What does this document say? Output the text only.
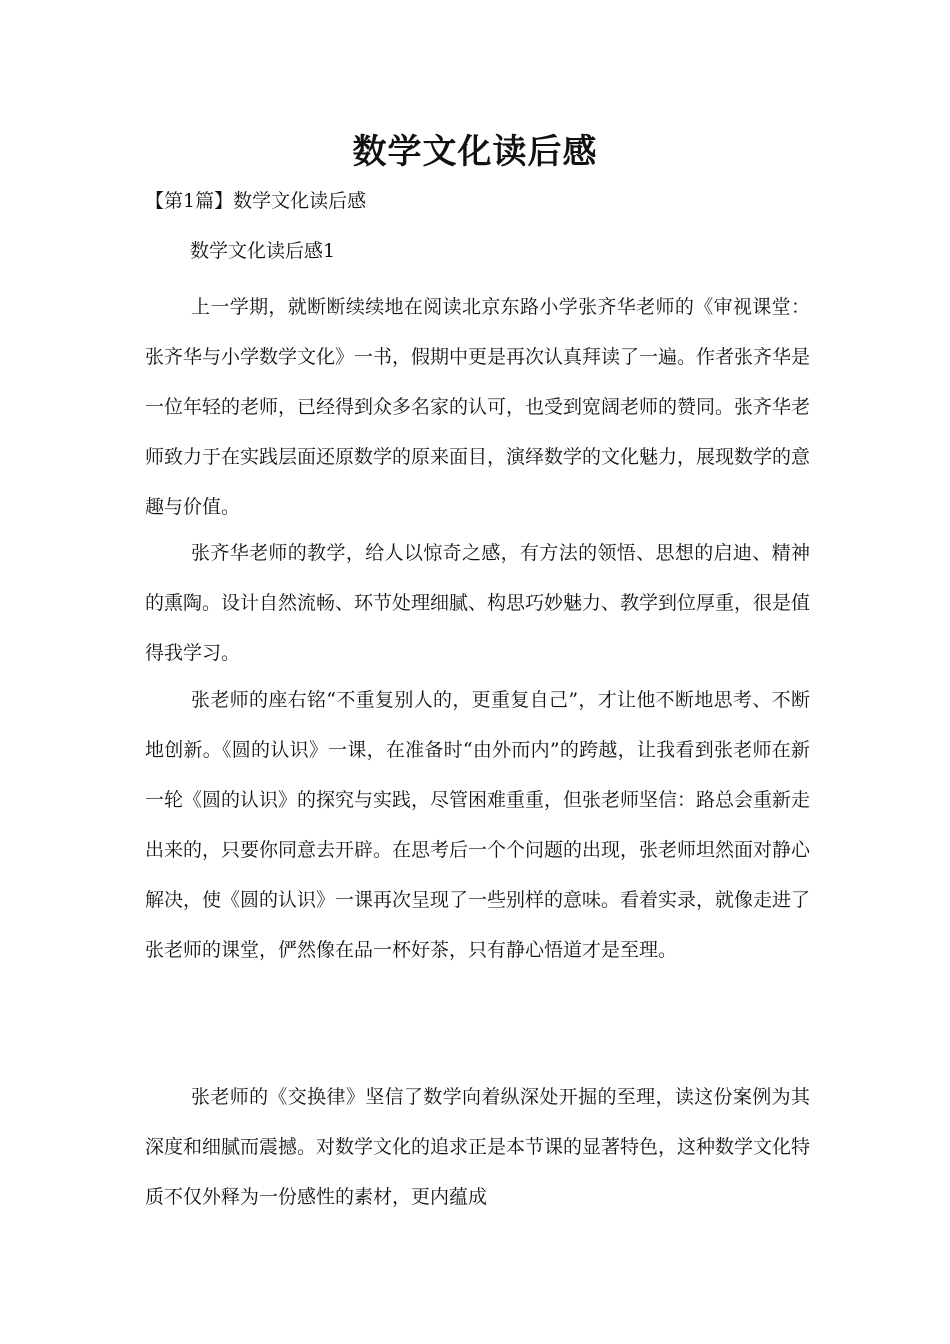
数学文化读后感
【第1篇】数学文化读后感
数学文化读后感1

上一学期，就断断续续地在阅读北京东路小学张齐华老师的《审视课堂：张齐华与小学数学文化》一书，假期中更是再次认真拜读了一遍。作者张齐华是一位年轻的老师，已经得到众多名家的认可，也受到宽阔老师的赞同。张齐华老师致力于在实践层面还原数学的原来面目，演绎数学的文化魅力，展现数学的意趣与价值。

张齐华老师的教学，给人以惊奇之感，有方法的领悟、思想的启迪、精神的熏陶。设计自然流畅、环节处理细腻、构思巧妙魅力、教学到位厚重，很是值得我学习。

张老师的座右铭“不重复别人的，更重复自己”，才让他不断地思考、不断地创新。《圆的认识》一课，在准备时“由外而内”的跨越，让我看到张老师在新一轮《圆的认识》的探究与实践，尽管困难重重，但张老师坚信：路总会重新走出来的，只要你同意去开辟。在思考后一个个问题的出现，张老师坦然面对静心解决，使《圆的认识》一课再次呈现了一些别样的意味。看着实录，就像走进了张老师的课堂，俨然像在品一杯好茶，只有静心悟道才是至理。

张老师的《交换律》坚信了数学向着纵深处开掘的至理，读这份案例为其深度和细腻而震撼。对数学文化的追求正是本节课的显著特色，这种数学文化特质不仅外释为一份感性的素材，更内蕴成
